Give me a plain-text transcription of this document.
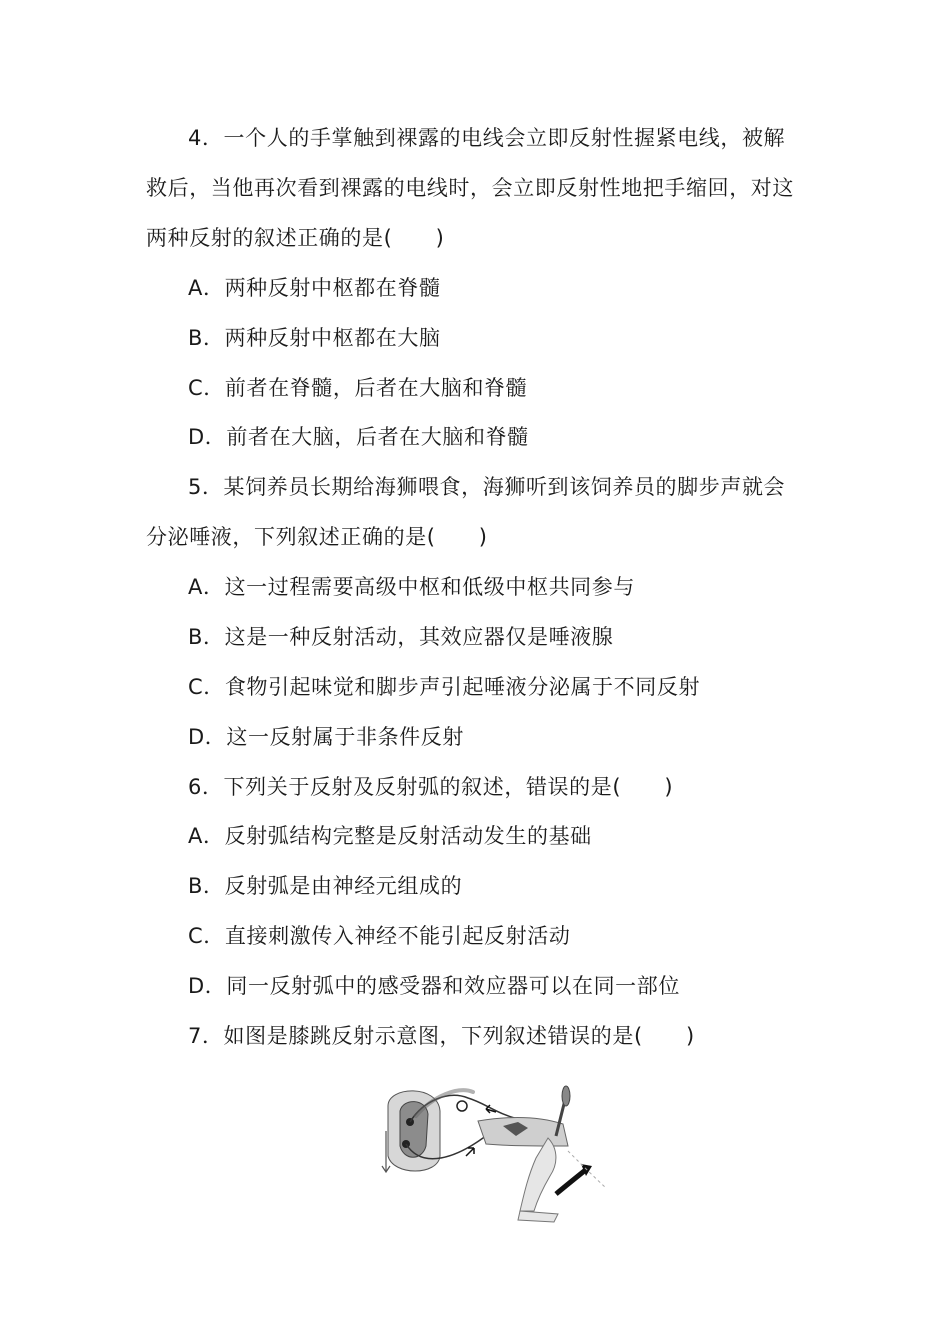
4．一个人的手掌触到裸露的电线会立即反射性握紧电线，被解
救后，当他再次看到裸露的电线时，会立即反射性地把手缩回，对这
两种反射的叙述正确的是(　　)
A．两种反射中枢都在脊髓
B．两种反射中枢都在大脑
C．前者在脊髓，后者在大脑和脊髓
D．前者在大脑，后者在大脑和脊髓
5．某饲养员长期给海狮喂食，海狮听到该饲养员的脚步声就会
分泌唾液，下列叙述正确的是(　　)
A．这一过程需要高级中枢和低级中枢共同参与
B．这是一种反射活动，其效应器仅是唾液腺
C．食物引起味觉和脚步声引起唾液分泌属于不同反射
D．这一反射属于非条件反射
6．下列关于反射及反射弧的叙述，错误的是(　　)
A．反射弧结构完整是反射活动发生的基础
B．反射弧是由神经元组成的
C．直接刺激传入神经不能引起反射活动
D．同一反射弧中的感受器和效应器可以在同一部位
7．如图是膝跳反射示意图，下列叙述错误的是(　　)
